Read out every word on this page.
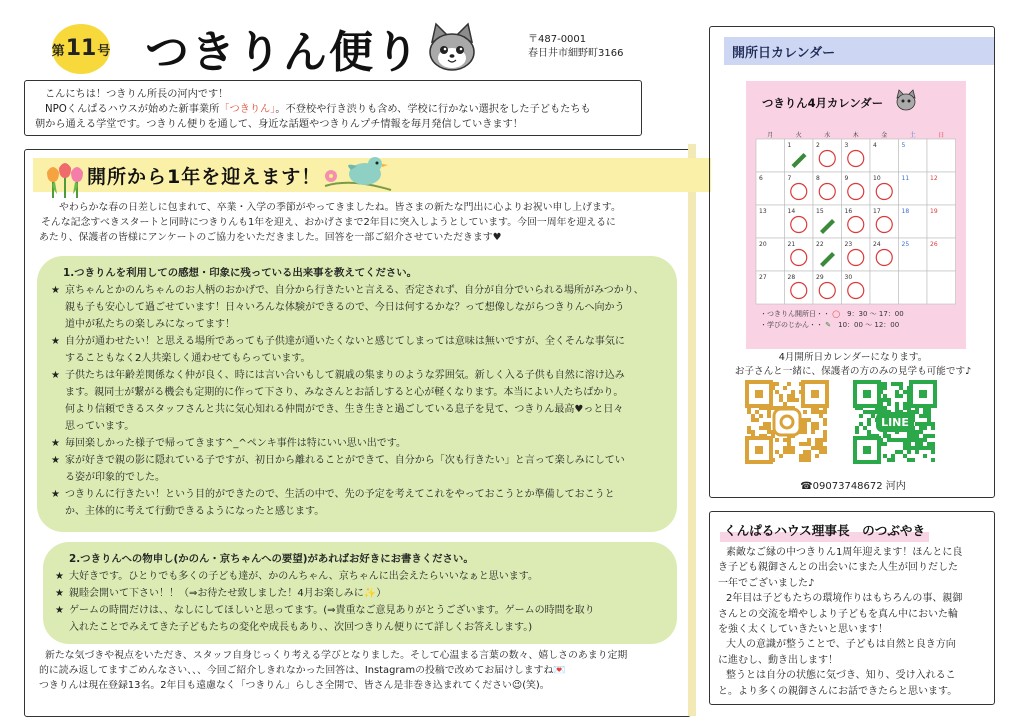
第 11 号 つきりん便り	〒487-0001
春日井市細野町3166
こんにちは！つきりん所長の河内です！
NPOくんぱるハウスが始めた新事業所「つきりん」。不登校や行き渋りも含め、学校に行かない選択をした子どもたちも
朝から通える学堂です。つきりん便りを通して、身近な話題やつきりんプチ情報を毎月発信していきます！
開所から1年を迎えます！
やわらかな春の日差しに包まれて、卒業・入学の季節がやってきましたね。皆さまの新たな門出に心よりお祝い申し上げます。
そんな記念すべきスタートと同時につきりんも1年を迎え、おかげさまで2年目に突入しようとしています。今回一周年を迎えるに
あたり、保護者の皆様にアンケートのご協力をいただきました。回答を一部ご紹介させていただきます♥
1.つきりんを利用しての感想・印象に残っている出来事を教えてください。
★ 京ちゃんとかのんちゃんのお人柄のおかげで、自分から行きたいと言える、否定されず、自分が自分でいられる場所がみつかり、
親も子も安心して過ごせています！日々いろんな体験ができるので、今日は何するかな？って想像しながらつきりんへ向かう
道中が私たちの楽しみになってます！
★ 自分が通わせたい！と思える場所であっても子供達が通いたくないと感じてしまっては意味は無いですが、全くそんな事気に
することもなく2人共楽しく通わせてもらっています。
★ 子供たちは年齢差関係なく仲が良く、時には言い合いもして親戚の集まりのような雰囲気。新しく入る子供も自然に溶け込み
ます。親同士が繋がる機会も定期的に作って下さり、みなさんとお話しすると心が軽くなります。本当によい人たちばかり。
何より信頼できるスタッフさんと共に気心知れる仲間ができ、生き生きと過ごしている息子を見て、つきりん最高♥っと日々
思っています。
★ 毎回楽しかった様子で帰ってきます^_^ペンキ事件は特にいい思い出です。
★ 家が好きで親の影に隠れている子ですが、初日から離れることができて、自分から「次も行きたい」と言って楽しみにしてい
る姿が印象的でした。
★ つきりんに行きたい！という目的ができたので、生活の中で、先の予定を考えてこれをやっておこうとか準備しておこうと
か、主体的に考えて行動できるようになったと感じます。
2.つきりんへの物申し(かのん・京ちゃんへの要望)があればお好きにお書きください。
★ 大好きです。ひとりでも多くの子ども達が、かのんちゃん、京ちゃんに出会えたらいいなぁと思います。
★ 親睦会開いて下さい！！（⇒お待たせ致しました！4月お楽しみに✨）
★ ゲームの時間だけは、、なしにしてほしいと思ってます。(⇒貴重なご意見ありがとうございます。ゲームの時間を取り
入れたことでみえてきた子どもたちの変化や成長もあり、、次回つきりん便りにて詳しくお答えします。)
新たな気づきや視点をいただき、スタッフ自身じっくり考える学びとなりました。そして心温まる言葉の数々、嬉しさのあまり定期
的に読み返してますごめんなさい、、、今回ご紹介しきれなかった回答は、Instagramの投稿で改めてお届けしますね💌
つきりんは現在登録13名。2年目も遠慮なく「つきりん」らしさ全開で、皆さん是非巻き込まれてください😉(笑)。
開所日カレンダー
つきりん4月カレンダー
月	火	水	木	金	土	日
1	2	3	4	5
6	7	8	9	10	11	12
13	14	15	16	17	18	19
20	21	22	23	24	25	26
27	28	29	30
・つきりん開所日・・ ◯　 9：30 ～ 17：00
・学びのじかん・・ ✎　 10：00 ～ 12：00
4月開所日カレンダーになります。
お子さんと一緒に、保護者の方のみの見学も可能です♪
LINE
☎09073748672 河内
くんぱるハウス理事長　のつぶやき
素敵なご縁の中つきりん1周年迎えます！ほんとに良
き子ども親御さんとの出会いにまた人生が回りだした
一年でございました♪
2年目は子どもたちの環境作りはもちろんの事、親御
さんとの交流を増やしより子どもを真ん中においた輪
を強く太くしていきたいと思います！
大人の意識が整うことで、子どもは自然と良き方向
に進むし、動き出します！
整うとは自分の状態に気づき、知り、受け入れるこ
と。より多くの親御さんにお話できたらと思います。
